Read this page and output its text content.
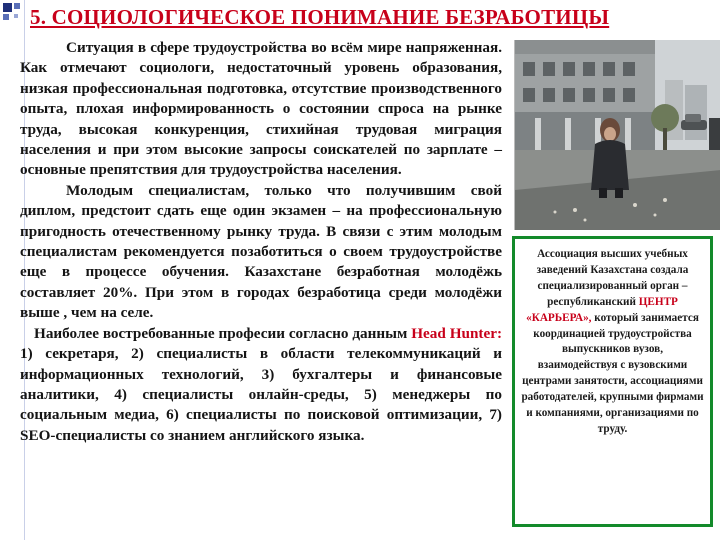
5. СОЦИОЛОГИЧЕСКОЕ ПОНИМАНИЕ БЕЗРАБОТИЦЫ

Ситуация в сфере трудоустройства во всём мире напряженная. Как отмечают социологи, недостаточный уровень образования, низкая профессиональная подготовка, отсутствие производственного опыта, плохая информированность о состоянии спроса на рынке труда, высокая конкуренция, стихийная трудовая миграция населения и при этом высокие запросы соискателей по зарплате – основные препятствия для трудоустройства населения.

Молодым специалистам, только что получившим свой диплом, предстоит сдать еще один экзамен – на профессиональную пригодность отечественному рынку труда. В связи с этим молодым специалистам рекомендуется позаботиться о своем трудоустройстве еще в процессе обучения. Казахстане безработная молодёжь составляет 20%. При этом в городах безработица среди молодёжи выше , чем на селе.

Наиболее востребованные професии согласно данным Head Hunter: 1) секретаря, 2) специалисты в области телекоммуникаций и информационных технологий, 3) бухгалтеры и финансовые аналитики, 4) специалисты онлайн-среды, 5) менеджеры по социальным медиа, 6) специалисты по поисковой оптимизации, 7) SEO-специалисты со знанием английского языка.

Ассоциация высших учебных заведений Казахстана создала специализированный орган – республиканский ЦЕНТР «КАРЬЕРА», который занимается координацией трудоустройства выпускников вузов, взаимодействуя с вузовскими центрами занятости, ассоциациями работодателей, крупными фирмами и компаниями, организациями по труду.
